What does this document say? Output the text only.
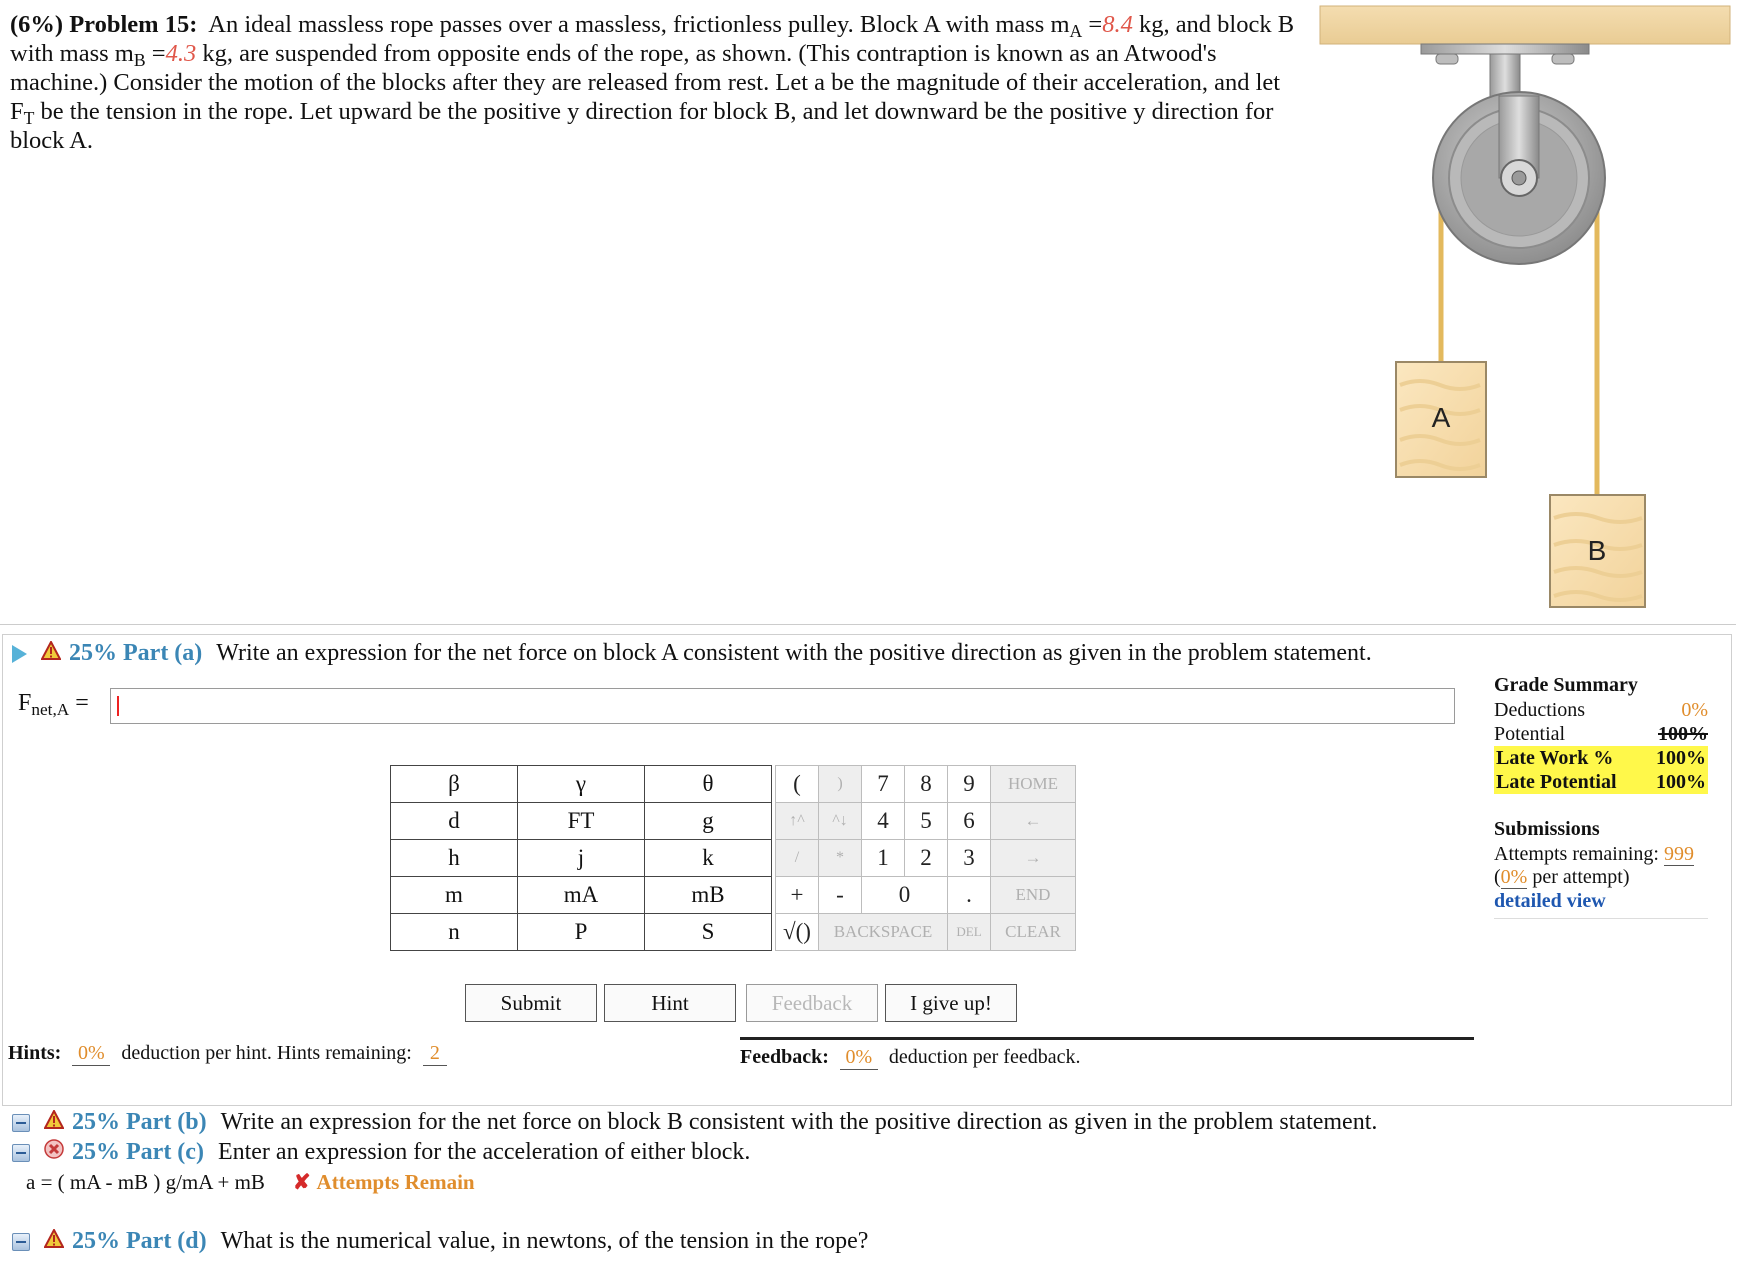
(6%) Problem 15: An ideal massless rope passes over a massless, frictionless pulley. Block A with mass $m_A =8.4$ kg, and block B with mass $m_B =4.3$ kg, are suspended from opposite ends of the rope, as shown. (This contraption is known as an Atwood's machine.) Consider the motion of the blocks after they are released from rest. Let a be the magnitude of their acceleration, and let $F_T$ be the tension in the rope. Let upward be the positive y direction for block B, and let downward be the positive y direction for block A.
A
B
25% Part (a) Write an expression for the net force on block A consistent with the positive direction as given in the problem statement.
$F_{net,A}$ =
β	γ	θ
d	FT	g
h	j	k
m	mA	mB
n	P	S
(	)	7	8	9	HOME
↑^	^↓	4	5	6	←
/	*	1	2	3	→
+	-	0		.	END
√()	BACKSPACE			DEL	CLEAR
Submit	Hint	Feedback	I give up!
Hints: 0% deduction per hint. Hints remaining: 2	Feedback: 0% deduction per feedback.
Grade Summary
Deductions	0%
Potential	100%
Late Work % 100%
Late Potential 100%
Submissions
Attempts remaining: 999
(0% per attempt)
detailed view
25% Part (b) Write an expression for the net force on block B consistent with the positive direction as given in the problem statement.
25% Part (c) Enter an expression for the acceleration of either block.
a = ( mA - mB ) g/mA + mB ✘ Attempts Remain
25% Part (d) What is the numerical value, in newtons, of the tension in the rope?
